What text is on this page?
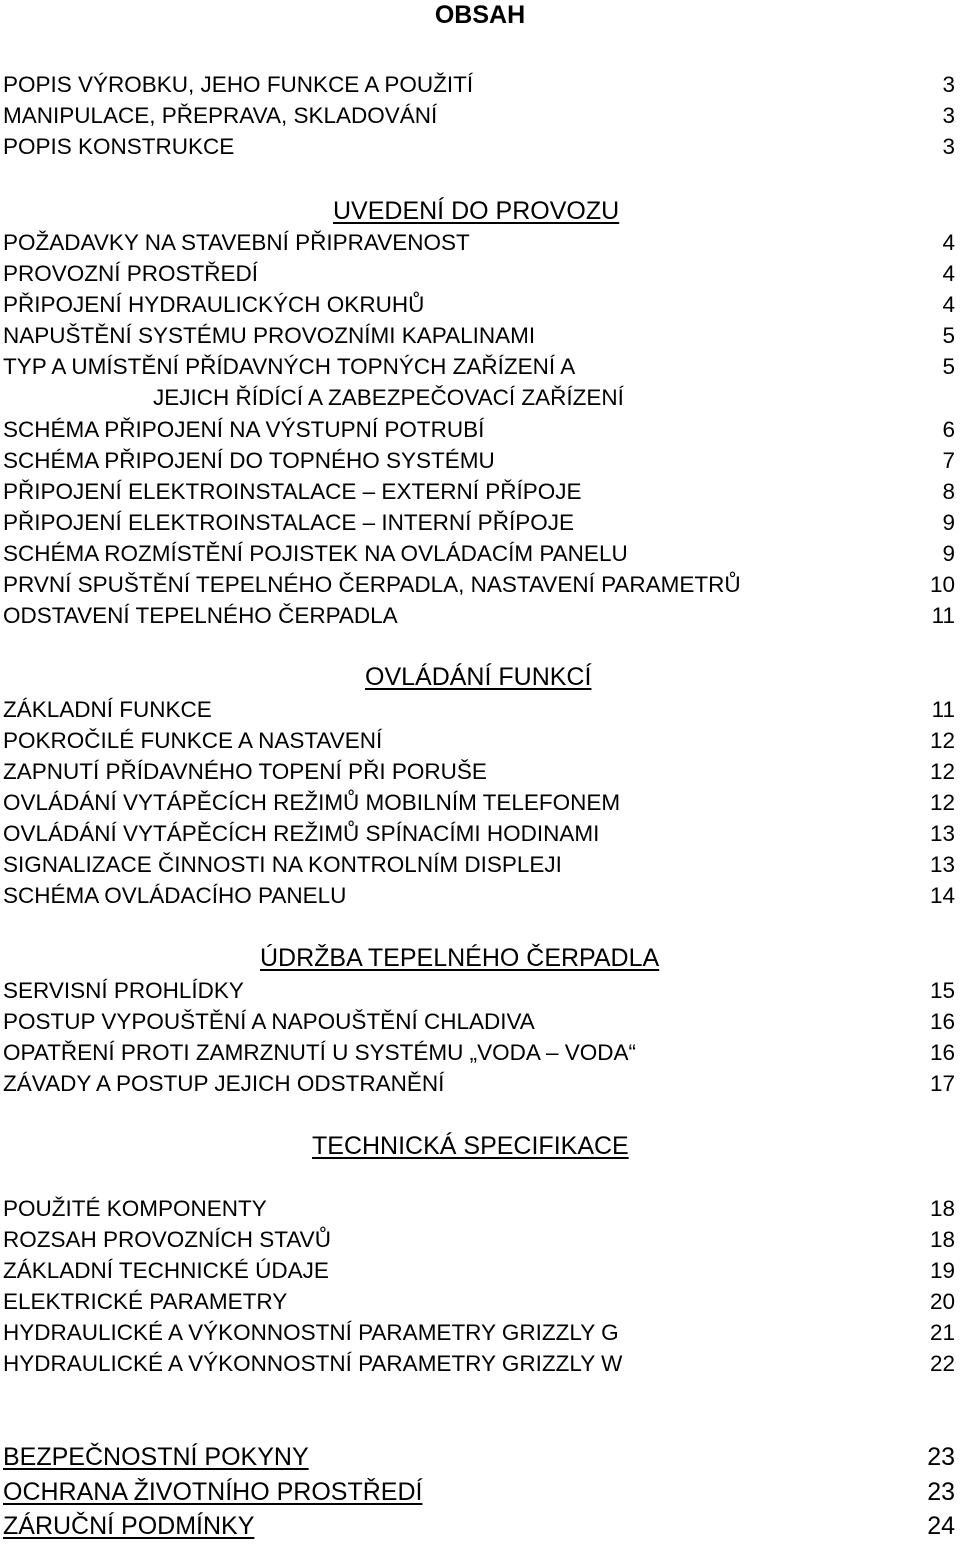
OBSAH
POPIS VÝROBKU, JEHO FUNKCE A POUŽITÍ	3
MANIPULACE, PŘEPRAVA, SKLADOVÁNÍ	3
POPIS KONSTRUKCE	3
UVEDENÍ DO PROVOZU
POŽADAVKY NA STAVEBNÍ PŘIPRAVENOST	4
PROVOZNÍ PROSTŘEDÍ	4
PŘIPOJENÍ HYDRAULICKÝCH OKRUHŮ	4
NAPUŠTĚNÍ SYSTÉMU PROVOZNÍMI KAPALINAMI	5
TYP A UMÍSTĚNÍ PŘÍDAVNÝCH TOPNÝCH ZAŘÍZENÍ A	5
JEJICH ŘÍDÍCÍ A ZABEZPEČOVACÍ ZAŘÍZENÍ
SCHÉMA PŘIPOJENÍ NA VÝSTUPNÍ POTRUBÍ	6
SCHÉMA PŘIPOJENÍ DO TOPNÉHO SYSTÉMU	7
PŘIPOJENÍ ELEKTROINSTALACE – EXTERNÍ PŘÍPOJE	8
PŘIPOJENÍ ELEKTROINSTALACE – INTERNÍ PŘÍPOJE	9
SCHÉMA ROZMÍSTĚNÍ POJISTEK NA OVLÁDACÍM PANELU	9
PRVNÍ SPUŠTĚNÍ TEPELNÉHO ČERPADLA, NASTAVENÍ PARAMETRŮ	10
ODSTAVENÍ TEPELNÉHO ČERPADLA	11
OVLÁDÁNÍ FUNKCÍ
ZÁKLADNÍ FUNKCE	11
POKROČILÉ FUNKCE A NASTAVENÍ	12
ZAPNUTÍ PŘÍDAVNÉHO TOPENÍ PŘI PORUŠE	12
OVLÁDÁNÍ VYTÁPĚCÍCH REŽIMŮ MOBILNÍM TELEFONEM	12
OVLÁDÁNÍ VYTÁPĚCÍCH REŽIMŮ SPÍNACÍMI HODINAMI	13
SIGNALIZACE ČINNOSTI NA KONTROLNÍM DISPLEJI	13
SCHÉMA OVLÁDACÍHO PANELU	14
ÚDRŽBA TEPELNÉHO ČERPADLA
SERVISNÍ PROHLÍDKY	15
POSTUP VYPOUŠTĚNÍ A NAPOUŠTĚNÍ CHLADIVA	16
OPATŘENÍ PROTI ZAMRZNUTÍ U SYSTÉMU „VODA – VODA“	16
ZÁVADY A POSTUP JEJICH ODSTRANĚNÍ	17
TECHNICKÁ SPECIFIKACE
POUŽITÉ KOMPONENTY	18
ROZSAH PROVOZNÍCH STAVŮ	18
ZÁKLADNÍ TECHNICKÉ ÚDAJE	19
ELEKTRICKÉ PARAMETRY	20
HYDRAULICKÉ A VÝKONNOSTNÍ PARAMETRY GRIZZLY G	21
HYDRAULICKÉ A VÝKONNOSTNÍ PARAMETRY GRIZZLY W	22
BEZPEČNOSTNÍ POKYNY	23
OCHRANA ŽIVOTNÍHO PROSTŘEDÍ	23
ZÁRUČNÍ PODMÍNKY	24
